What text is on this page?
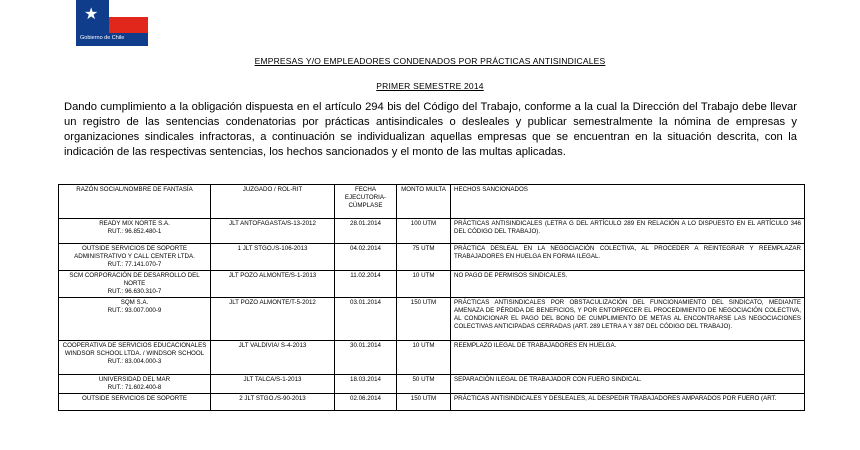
★
Gobierno de Chile
EMPRESAS Y/O EMPLEADORES CONDENADOS POR PRÁCTICAS ANTISINDICALES
PRIMER SEMESTRE 2014
Dando cumplimiento a la obligación dispuesta en el artículo 294 bis del Código del Trabajo, conforme a la cual la Dirección del Trabajo debe llevar un registro de las sentencias condenatorias por prácticas antisindicales o desleales y publicar semestralmente la nómina de empresas y organizaciones sindicales infractoras, a continuación se individualizan aquellas empresas que se encuentran en la situación descrita, con la indicación de las respectivas sentencias, los hechos sancionados y el monto de las multas aplicadas.
RAZÓN SOCIAL/NOMBRE DE FANTASÍA	JUZGADO / ROL-RIT	FECHA EJECUTORIA-CÚMPLASE	MONTO MULTA	HECHOS SANCIONADOS

READY MIX NORTE S.A.
RUT.: 96.852.480-1	JLT ANTOFAGASTA/S-13-2012	28.01.2014	100 UTM	PRÁCTICAS ANTISINDICALES (LETRA G DEL ARTÍCULO 289 EN RELACIÓN A LO DISPUESTO EN EL ARTÍCULO 346 DEL CÓDIGO DEL TRABAJO).

OUTSIDE SERVICIOS DE SOPORTE ADMINISTRATIVO Y CALL CENTER LTDA.
RUT.: 77.141.070-7	1 JLT STGO./S-106-2013	04.02.2014	75 UTM	PRÁCTICA DESLEAL EN LA NEGOCIACIÓN COLECTIVA, AL PROCEDER A REINTEGRAR Y REEMPLAZAR TRABAJADORES EN HUELGA EN FORMA ILEGAL.

SCM CORPORACIÓN DE DESARROLLO DEL NORTE
RUT.: 96.630.310-7	JLT POZO ALMONTE/S-1-2013	11.02.2014	10 UTM	NO PAGO DE PERMISOS SINDICALES.

SQM S.A.
RUT.: 93.007.000-9	JLT POZO ALMONTE/T-5-2012	03.01.2014	150 UTM	PRÁCTICAS ANTISINDICALES POR OBSTACULIZACIÓN DEL FUNCIONAMIENTO DEL SINDICATO, MEDIANTE AMENAZA DE PÉRDIDA DE BENEFICIOS, Y POR ENTORPECER EL PROCEDIMIENTO DE NEGOCIACIÓN COLECTIVA, AL CONDICIONAR EL PAGO DEL BONO DE CUMPLIMIENTO DE METAS AL ENCONTRARSE LAS NEGOCIACIONES COLECTIVAS ANTICIPADAS CERRADAS (ART. 289 LETRA A Y 387 DEL CÓDIGO DEL TRABAJO).

COOPERATIVA DE SERVICIOS EDUCACIONALES WINDSOR SCHOOL LTDA. / WINDSOR SCHOOL
RUT.: 83.004.000-3	JLT VALDIVIA/ S-4-2013	30.01.2014	10 UTM	REEMPLAZO ILEGAL DE TRABAJADORES EN HUELGA.

UNIVERSIDAD DEL MAR
RUT.: 71.602.400-8	JLT TALCA/S-1-2013	18.03.2014	50 UTM	SEPARACIÓN ILEGAL DE TRABAJADOR CON FUERO SINDICAL.

OUTSIDE SERVICIOS DE SOPORTE	2 JLT STGO./S-90-2013	02.06.2014	150 UTM	PRÁCTICAS ANTISINDICALES Y DESLEALES, AL DESPEDIR TRABAJADORES AMPARADOS POR FUERO (ART.
